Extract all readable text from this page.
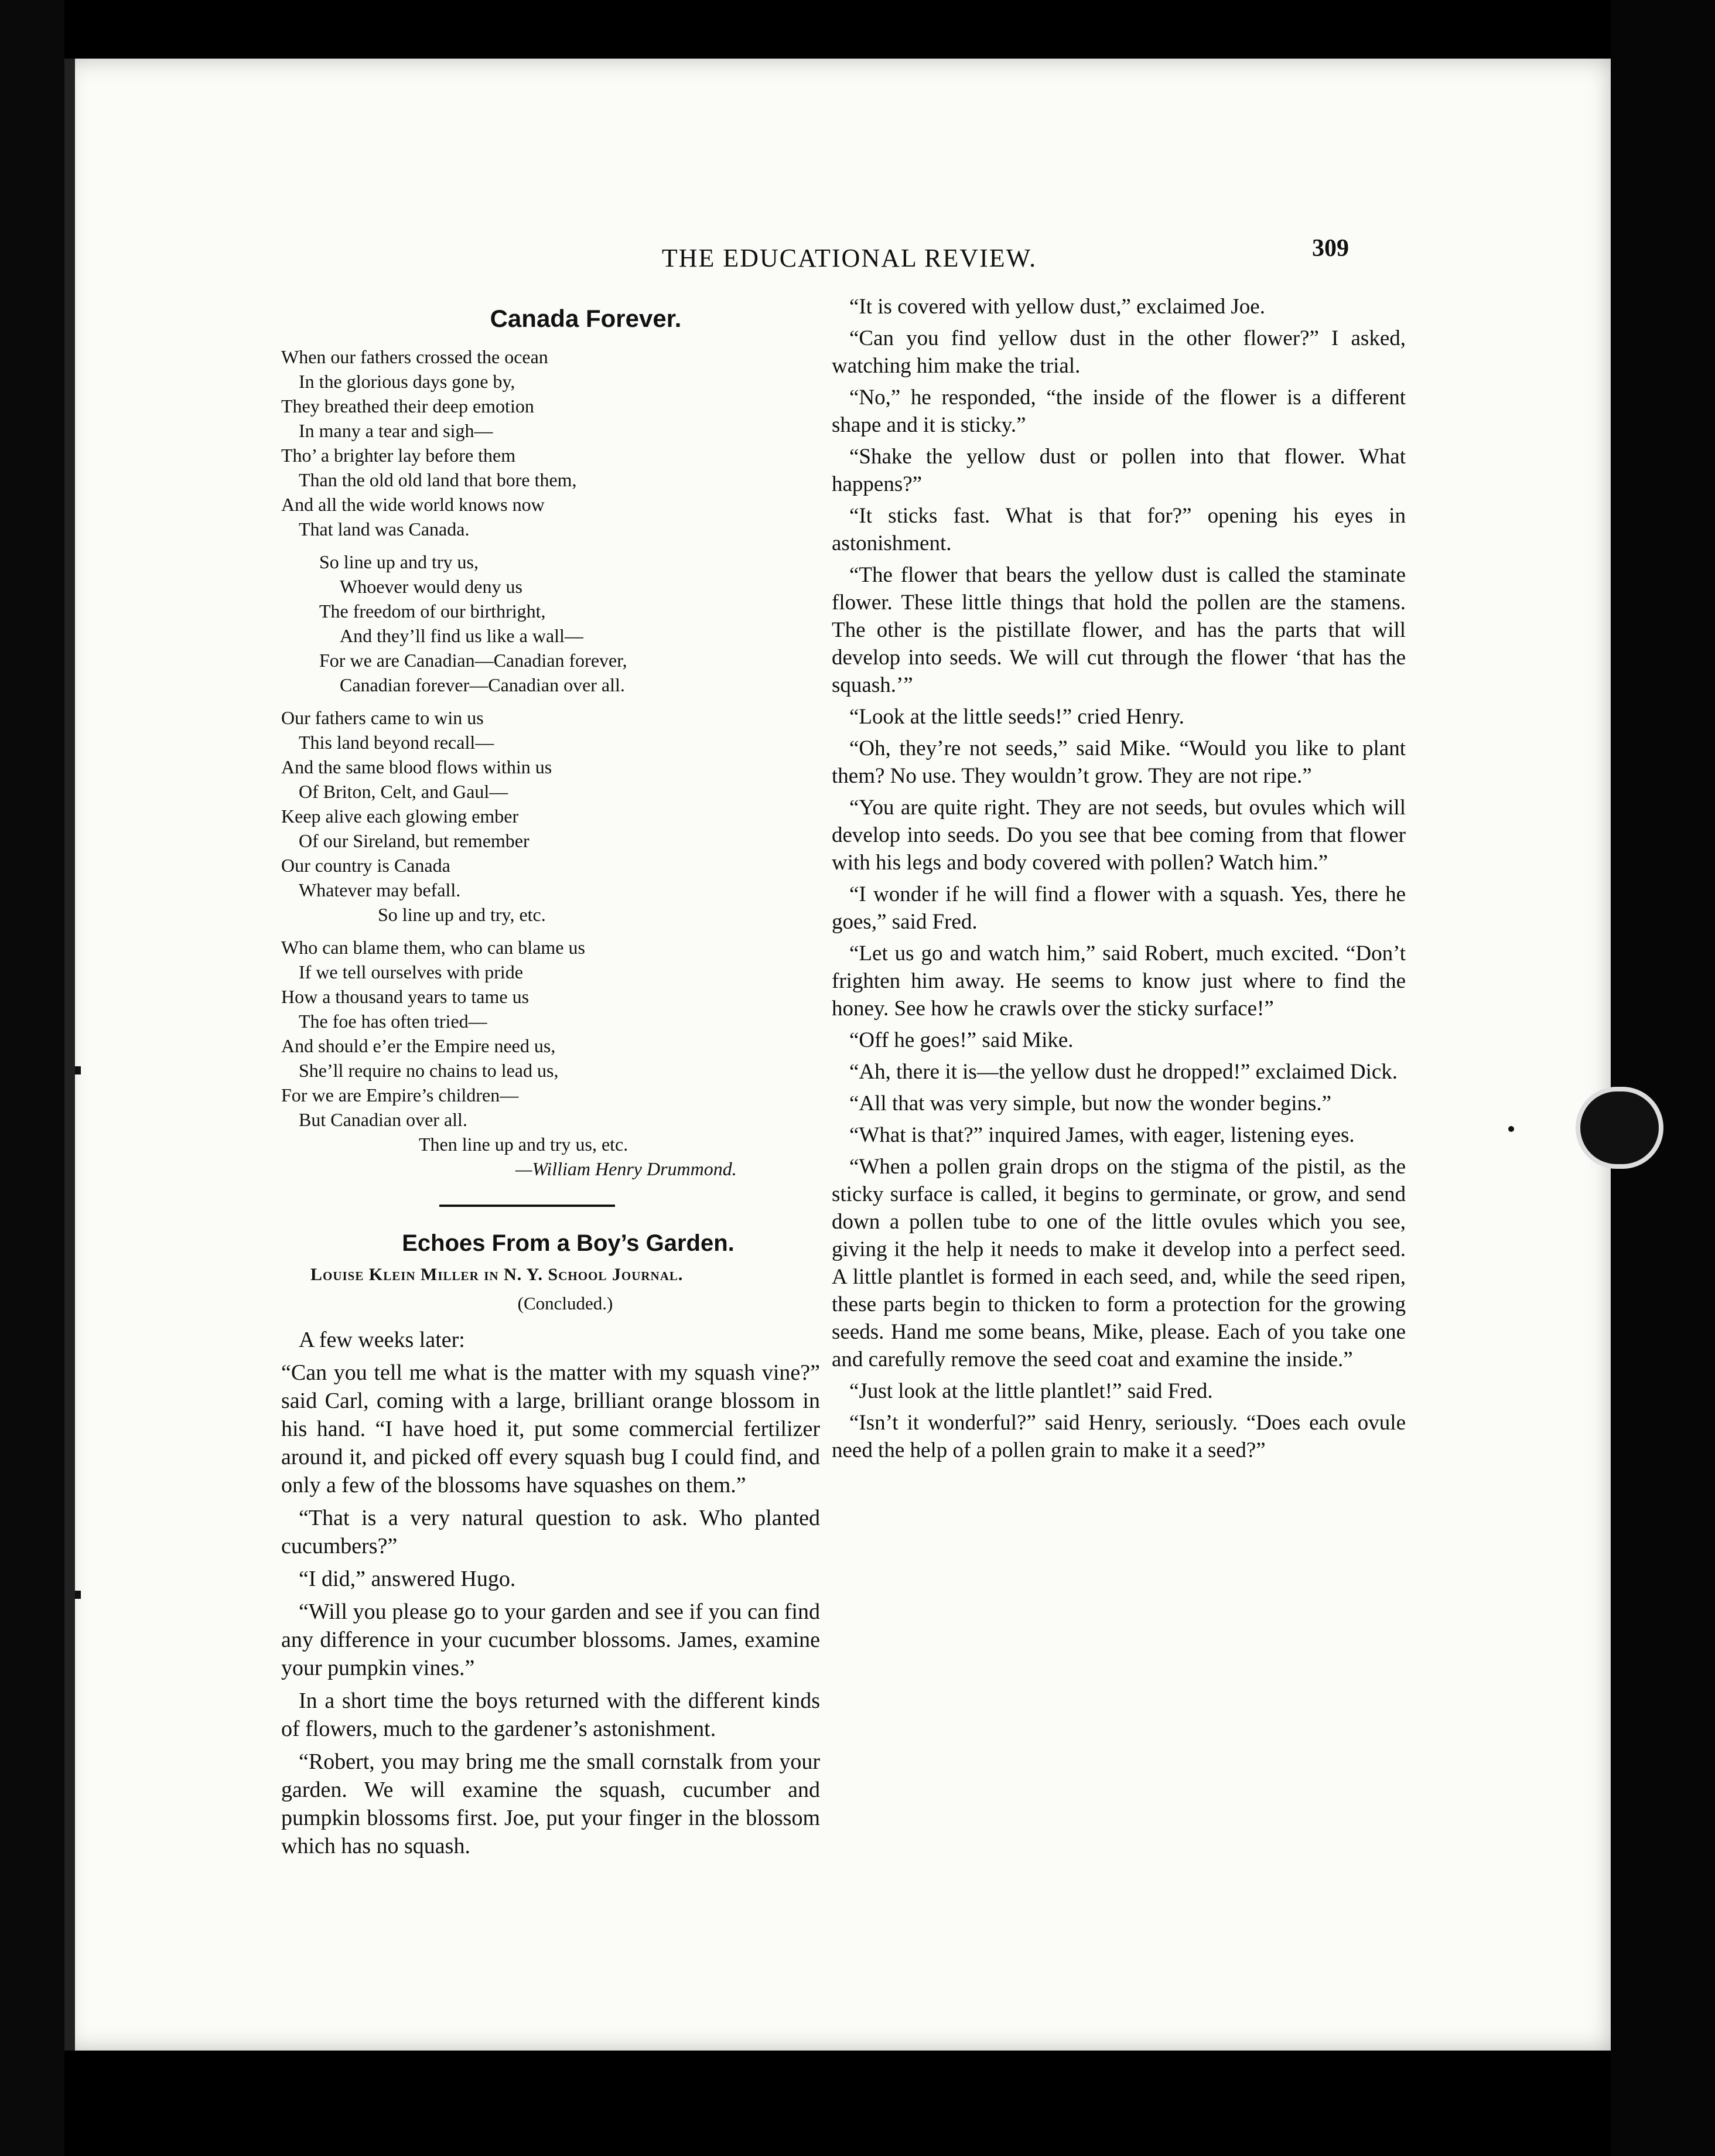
THE EDUCATIONAL REVIEW.	309
Canada Forever.
When our fathers crossed the ocean
In the glorious days gone by,
They breathed their deep emotion
In many a tear and sigh—
Tho’ a brighter lay before them
Than the old old land that bore them,
And all the wide world knows now
That land was Canada.
So line up and try us,
Whoever would deny us
The freedom of our birthright,
And they’ll find us like a wall—
For we are Canadian—Canadian forever,
Canadian forever—Canadian over all.
Our fathers came to win us
This land beyond recall—
And the same blood flows within us
Of Briton, Celt, and Gaul—
Keep alive each glowing ember
Of our Sireland, but remember
Our country is Canada
Whatever may befall.
So line up and try, etc.
Who can blame them, who can blame us
If we tell ourselves with pride
How a thousand years to tame us
The foe has often tried—
And should e’er the Empire need us,
She’ll require no chains to lead us,
For we are Empire’s children—
But Canadian over all.
Then line up and try us, etc.
—William Henry Drummond.
Echoes From a Boy’s Garden.
Louise Klein Miller in N. Y. School Journal.
(Concluded.)

A few weeks later:

“Can you tell me what is the matter with my squash vine?” said Carl, coming with a large, brilliant orange blossom in his hand. “I have hoed it, put some commercial fertilizer around it, and picked off every squash bug I could find, and only a few of the blossoms have squashes on them.”

“That is a very natural question to ask. Who planted cucumbers?”

“I did,” answered Hugo.

“Will you please go to your garden and see if you can find any difference in your cucumber blossoms. James, examine your pumpkin vines.”

In a short time the boys returned with the different kinds of flowers, much to the gardener’s astonishment.

“Robert, you may bring me the small cornstalk from your garden. We will examine the squash, cucumber and pumpkin blossoms first. Joe, put your finger in the blossom which has no squash.

“It is covered with yellow dust,” exclaimed Joe.

“Can you find yellow dust in the other flower?” I asked, watching him make the trial.

“No,” he responded, “the inside of the flower is a different shape and it is sticky.”

“Shake the yellow dust or pollen into that flower. What happens?”

“It sticks fast. What is that for?” opening his eyes in astonishment.

“The flower that bears the yellow dust is called the staminate flower. These little things that hold the pollen are the stamens. The other is the pistillate flower, and has the parts that will develop into seeds. We will cut through the flower ‘that has the squash.’”

“Look at the little seeds!” cried Henry.

“Oh, they’re not seeds,” said Mike. “Would you like to plant them? No use. They wouldn’t grow. They are not ripe.”

“You are quite right. They are not seeds, but ovules which will develop into seeds. Do you see that bee coming from that flower with his legs and body covered with pollen? Watch him.”

“I wonder if he will find a flower with a squash. Yes, there he goes,” said Fred.

“Let us go and watch him,” said Robert, much excited. “Don’t frighten him away. He seems to know just where to find the honey. See how he crawls over the sticky surface!”

“Off he goes!” said Mike.

“Ah, there it is—the yellow dust he dropped!” exclaimed Dick.

“All that was very simple, but now the wonder begins.”

“What is that?” inquired James, with eager, listening eyes.

“When a pollen grain drops on the stigma of the pistil, as the sticky surface is called, it begins to germinate, or grow, and send down a pollen tube to one of the little ovules which you see, giving it the help it needs to make it develop into a perfect seed. A little plantlet is formed in each seed, and, while the seed ripen, these parts begin to thicken to form a protection for the growing seeds. Hand me some beans, Mike, please. Each of you take one and carefully remove the seed coat and examine the inside.”

“Just look at the little plantlet!” said Fred.

“Isn’t it wonderful?” said Henry, seriously. “Does each ovule need the help of a pollen grain to make it a seed?”
